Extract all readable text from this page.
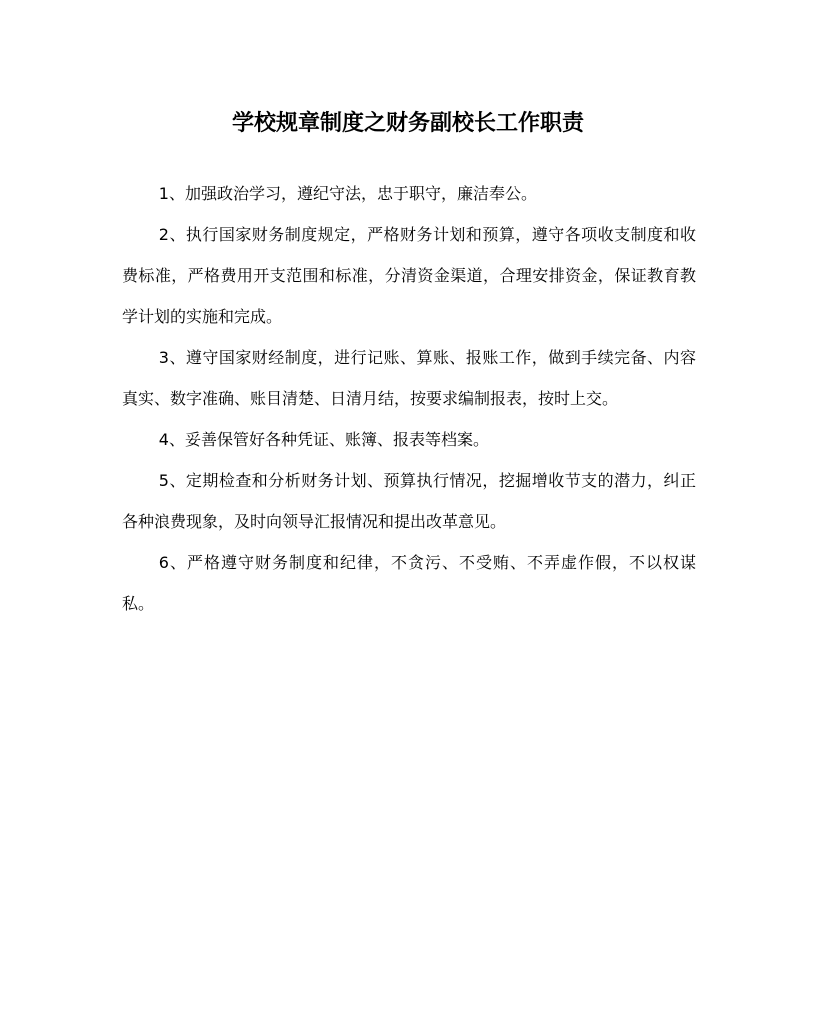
学校规章制度之财务副校长工作职责

1、加强政治学习，遵纪守法，忠于职守，廉洁奉公。

2、执行国家财务制度规定，严格财务计划和预算，遵守各项收支制度和收费标准，严格费用开支范围和标准，分清资金渠道，合理安排资金，保证教育教学计划的实施和完成。

3、遵守国家财经制度，进行记账、算账、报账工作，做到手续完备、内容真实、数字准确、账目清楚、日清月结，按要求编制报表，按时上交。

4、妥善保管好各种凭证、账簿、报表等档案。

5、定期检查和分析财务计划、预算执行情况，挖掘增收节支的潜力，纠正各种浪费现象，及时向领导汇报情况和提出改革意见。

6、严格遵守财务制度和纪律，不贪污、不受贿、不弄虚作假，不以权谋私。
